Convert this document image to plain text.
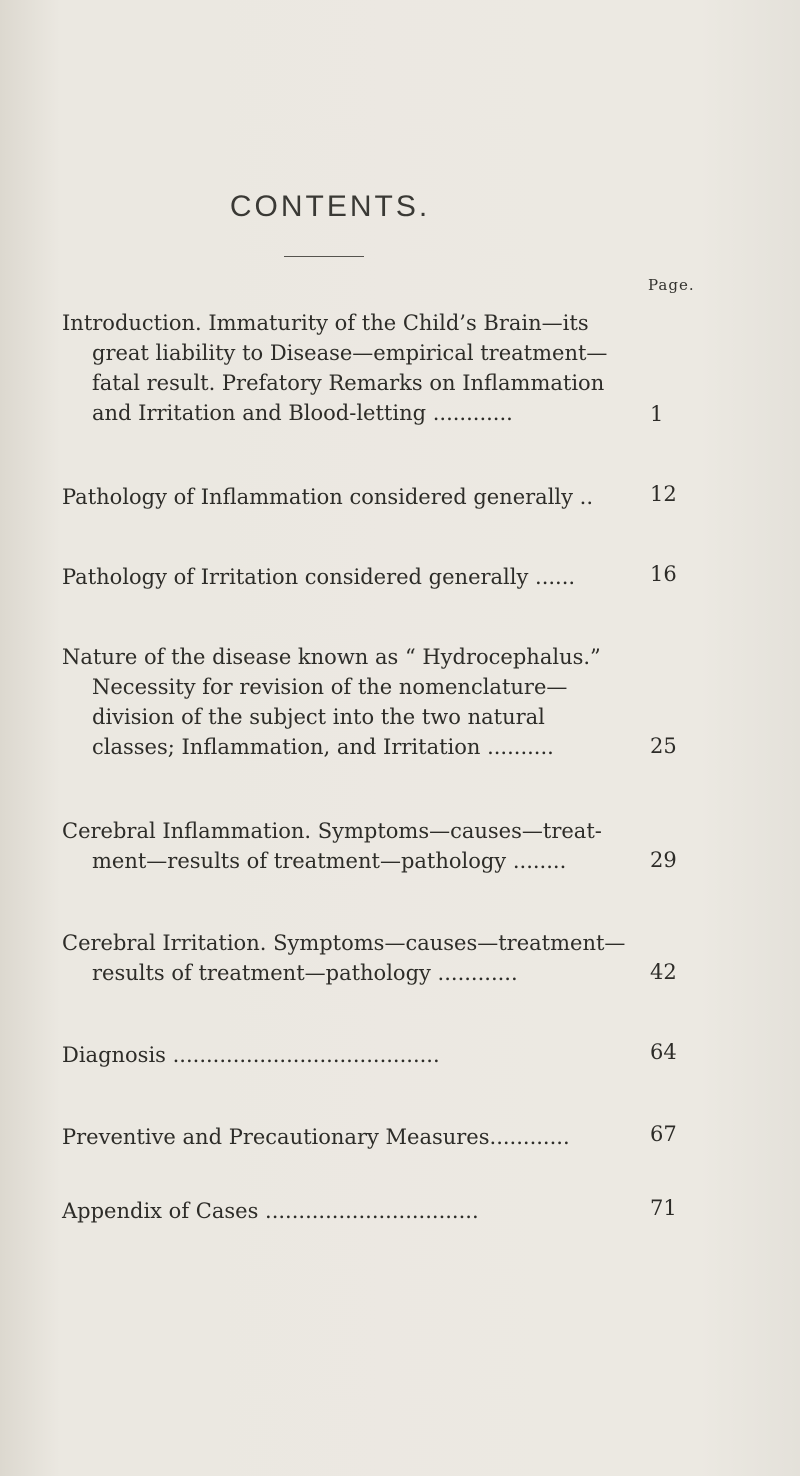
CONTENTS.
Page.
Introduction. Immaturity of the Child’s Brain—its
great liability to Disease—empirical treatment—
fatal result. Prefatory Remarks on Inflammation
and Irritation and Blood-letting ............	1
Pathology of Inflammation considered generally ..	12
Pathology of Irritation considered generally ......	16
Nature of the disease known as “ Hydrocephalus.”
Necessity for revision of the nomenclature—
division of the subject into the two natural
classes; Inflammation, and Irritation ..........	25
Cerebral Inflammation. Symptoms—causes—treat-
ment—results of treatment—pathology ........	29
Cerebral Irritation. Symptoms—causes—treatment—
results of treatment—pathology ............	42
Diagnosis ........................................	64
Preventive and Precautionary Measures............	67
Appendix of Cases ................................	71
